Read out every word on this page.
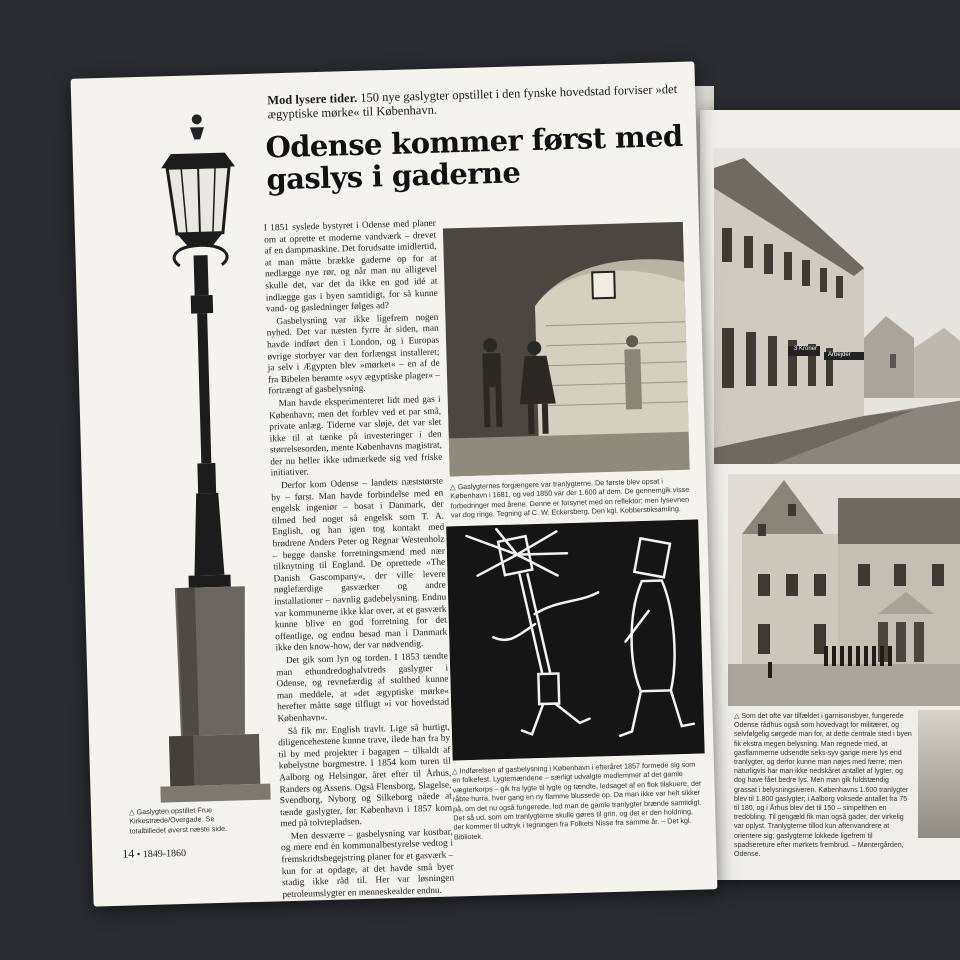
3 Kroner
Arbejder
△ Som det ofte var tilfældet i garnisonsbyer, fungerede Odense rådhus også som hovedvagt for militæret, og selvfølgelig sørgede man for, at dette centrale sted i byen fik ekstra megen belysning. Man regnede med, at gasflammerne udsendte seks-syv gange mere lys end tranlygter, og derfor kunne man nøjes med færre; men naturligvis har man ikke nedskåret antallet af lygter, og dog have fået bedre lys. Men man gik fuldstændig grassat i belysningsiveren. Københavns 1.600 tranlygter blev til 1.800 gaslygter; i Aalborg voksede antallet fra 75 til 180, og i Århus blev det til 150 – simpelthen en tredobling. Til gengæld fik man også gader, der virkelig var oplyst. Tranlygterne tillod kun aftenvandrere at orientere sig; gaslygterne lokkede ligefrem til spadsereture efter mørkets frembrud. – Møntergården, Odense.
Mod lysere tider. 150 nye gaslygter opstillet i den fynske hovedstad forviser »det ægyptiske mørke« til København.
Odense kommer først med
gaslys i gaderne

I 1851 syslede bystyret i Odense med planer om at oprette et moderne vandværk – drevet af en dampmaskine. Det forudsatte imidlertid, at man måtte brække gaderne op for at nedlægge nye rør, og når man nu alligevel skulle det, var det da ikke en god idé at indlægge gas i byen samtidigt, for så kunne vand- og gasledninger følges ad?

Gasbelysning var ikke ligefrem nogen nyhed. Det var næsten fyrre år siden, man havde indført den i London, og i Europas øvrige storbyer var den forlængst installeret; ja selv i Ægypten blev »mørket« – en af de fra Bibelen berømte »syv ægyptiske plager« – fortrængt af gasbelysning.

Man havde eksperimenteret lidt med gas i København; men det forblev ved et par små, private anlæg. Tiderne var sløje, det var slet ikke til at tænke på investeringer i den størrelsesorden, mente Københavns magistrat, der nu heller ikke udmærkede sig ved friske initiativer.

Derfor kom Odense – landets næststørste by – først. Man havde forbindelse med en engelsk ingeniør – bosat i Danmark, der tilmed hed noget så engelsk som T. A. English, og han igen tog kontakt med brødrene Anders Peter og Regnar Westenholz – begge danske forretningsmænd med nær tilknytning til England. De oprettede »The Danish Gascompany«, der ville levere nøglefærdige gasværker og andre installationer – navnlig gadebelysning. Endnu var kommunerne ikke klar over, at et gasværk kunne blive en god forretning for det offentlige, og endnu besad man i Danmark ikke den know-how, der var nødvendig.

Det gik som lyn og torden. I 1853 tændte man ethundredoghalvtreds gaslygter i Odense, og revnefærdig af stolthed kunne man meddele, at »det ægyptiske mørke« herefter måtte søge tilflugt »i vor hovedstad København«.

Så fik mr. English travlt. Lige så hurtigt, diligencehestene kunne trave, ilede han fra by til by med projekter i bagagen – tilkaldt af købelystne borgmestre. I 1854 kom turen til Aalborg og Helsingør, året efter til Århus, Randers og Assens. Også Flensborg, Slagelse, Svendborg, Nyborg og Silkeborg nåede at tænde gaslygter, før København i 1857 kom med på tolvtepladsen.

Men desværre – gasbelysning var kostbar, og mere end én kommunalbestyrelse vedtog i fremskridtsbegejstring planer for et gasværk – kun for at opdage, at det havde små byer stadig ikke råd til. Her var løsningen petroleumslygter en menneskealder endnu.

△ Gaslygternes forgængere var tranlygterne. De første blev opsat i København i 1681, og ved 1850 var der 1.600 af dem. De gennemgik visse forbedringer med årene. Denne er forsynet med en reflektor; men lysevnen var dog ringe. Tegning af C. W. Eckersberg, Den kgl. Kobberstiksamling.
△ Indførelsen af gasbelysning i København i efteråret 1857 formede sig som en folkefest. Lygtemændene – særligt udvalgte medlemmer af det gamle vægterkorps – gik fra lygte til lygte og tændte, ledsaget af en flok tilskuere, der råbte hurra, hver gang en ny flamme blussede op. Da man ikke var helt sikker på, om det nu også fungerede, lod man de gamle tranlygter brænde samtidigt. Det så ud, som om tranlygterne skulle gøres til grin, og det er den holdning, der kommer til udtryk i tegningen fra Folkets Nisse fra samme år. – Det kgl. Bibliotek.
△ Gaslygten opstillet Frue Kirkestræde/Overgade. Se totalbilledet øverst næste side.
14 • 1849-1860
